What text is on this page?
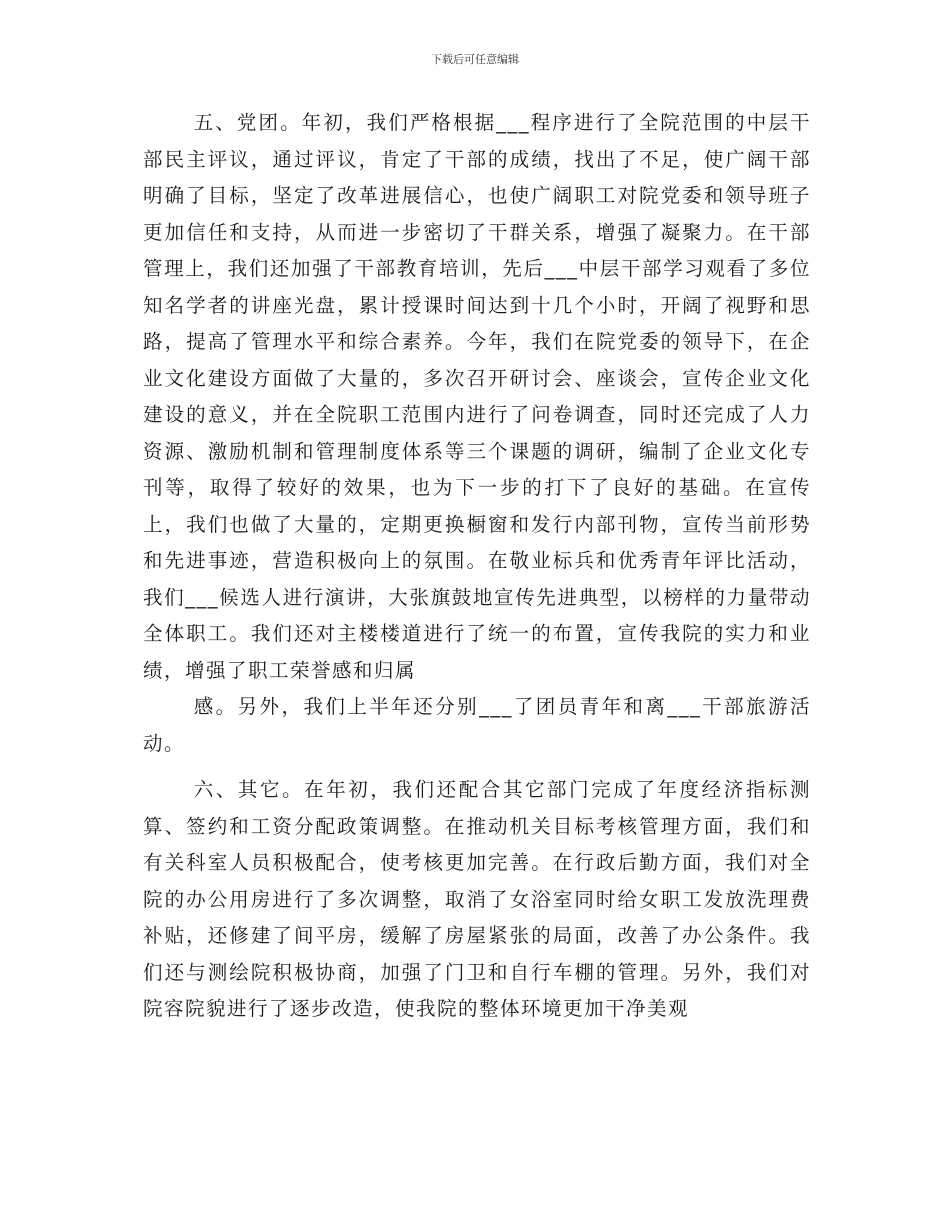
下载后可任意编辑

五、党团。年初，我们严格根据___程序进行了全院范围的中层干部民主评议，通过评议，肯定了干部的成绩，找出了不足，使广阔干部明确了目标，坚定了改革进展信心，也使广阔职工对院党委和领导班子更加信任和支持，从而进一步密切了干群关系，增强了凝聚力。在干部管理上，我们还加强了干部教育培训，先后___中层干部学习观看了多位知名学者的讲座光盘，累计授课时间达到十几个小时，开阔了视野和思路，提高了管理水平和综合素养。今年，我们在院党委的领导下，在企业文化建设方面做了大量的，多次召开研讨会、座谈会，宣传企业文化建设的意义，并在全院职工范围内进行了问卷调查，同时还完成了人力资源、激励机制和管理制度体系等三个课题的调研，编制了企业文化专刊等，取得了较好的效果，也为下一步的打下了良好的基础。在宣传上，我们也做了大量的，定期更换橱窗和发行内部刊物，宣传当前形势和先进事迹，营造积极向上的氛围。在敬业标兵和优秀青年评比活动，我们___候选人进行演讲，大张旗鼓地宣传先进典型，以榜样的力量带动全体职工。我们还对主楼楼道进行了统一的布置，宣传我院的实力和业绩，增强了职工荣誉感和归属

感。另外，我们上半年还分别___了团员青年和离___干部旅游活动。

六、其它。在年初，我们还配合其它部门完成了年度经济指标测算、签约和工资分配政策调整。在推动机关目标考核管理方面，我们和有关科室人员积极配合，使考核更加完善。在行政后勤方面，我们对全院的办公用房进行了多次调整，取消了女浴室同时给女职工发放洗理费补贴，还修建了间平房，缓解了房屋紧张的局面，改善了办公条件。我们还与测绘院积极协商，加强了门卫和自行车棚的管理。另外，我们对院容院貌进行了逐步改造，使我院的整体环境更加干净美观
